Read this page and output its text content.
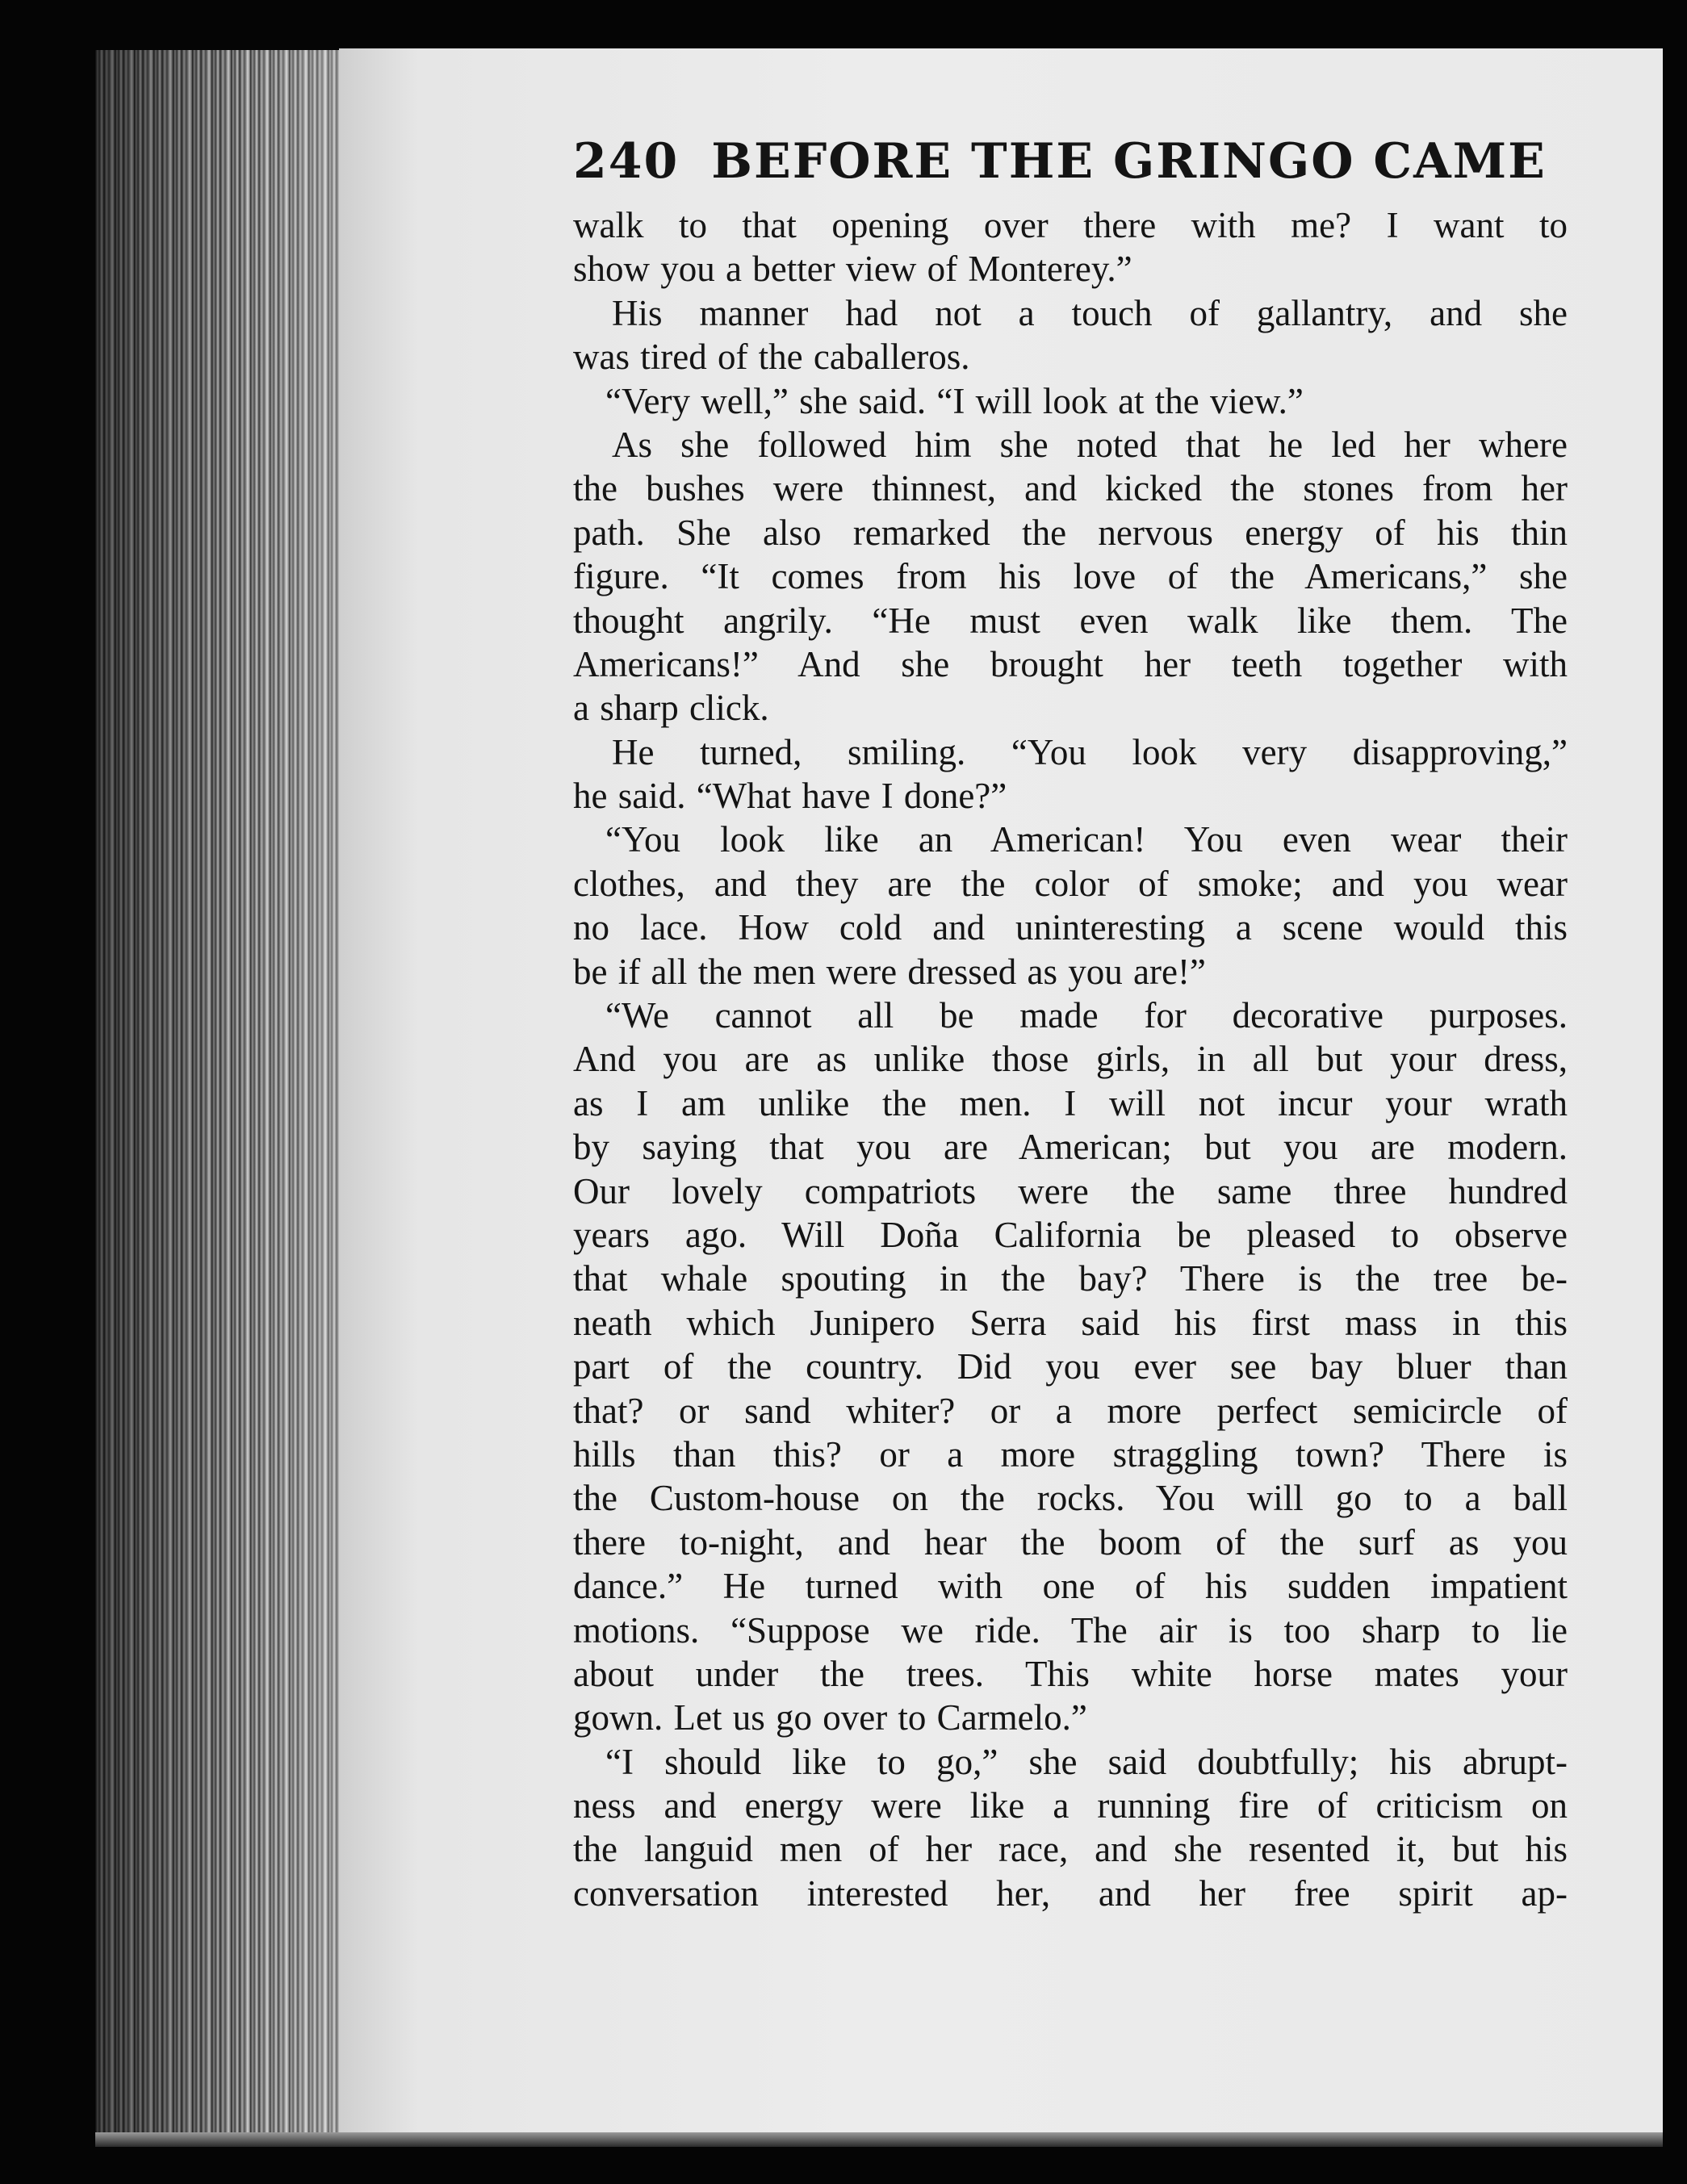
240 BEFORE THE GRINGO CAME
walk to that opening over there with me? I want to
show you a better view of Monterey.”
His manner had not a touch of gallantry, and she
was tired of the caballeros.
“Very well,” she said. “I will look at the view.”
As she followed him she noted that he led her where
the bushes were thinnest, and kicked the stones from her
path. She also remarked the nervous energy of his thin
figure. “It comes from his love of the Americans,” she
thought angrily. “He must even walk like them. The
Americans!” And she brought her teeth together with
a sharp click.
He turned, smiling. “You look very disapproving,”
he said. “What have I done?”
“You look like an American! You even wear their
clothes, and they are the color of smoke; and you wear
no lace. How cold and uninteresting a scene would this
be if all the men were dressed as you are!”
“We cannot all be made for decorative purposes.
And you are as unlike those girls, in all but your dress,
as I am unlike the men. I will not incur your wrath
by saying that you are American; but you are modern.
Our lovely compatriots were the same three hundred
years ago. Will Doña California be pleased to observe
that whale spouting in the bay? There is the tree be-
neath which Junipero Serra said his first mass in this
part of the country. Did you ever see bay bluer than
that? or sand whiter? or a more perfect semicircle of
hills than this? or a more straggling town? There is
the Custom-house on the rocks. You will go to a ball
there to-night, and hear the boom of the surf as you
dance.” He turned with one of his sudden impatient
motions. “Suppose we ride. The air is too sharp to lie
about under the trees. This white horse mates your
gown. Let us go over to Carmelo.”
“I should like to go,” she said doubtfully; his abrupt-
ness and energy were like a running fire of criticism on
the languid men of her race, and she resented it, but his
conversation interested her, and her free spirit ap-
